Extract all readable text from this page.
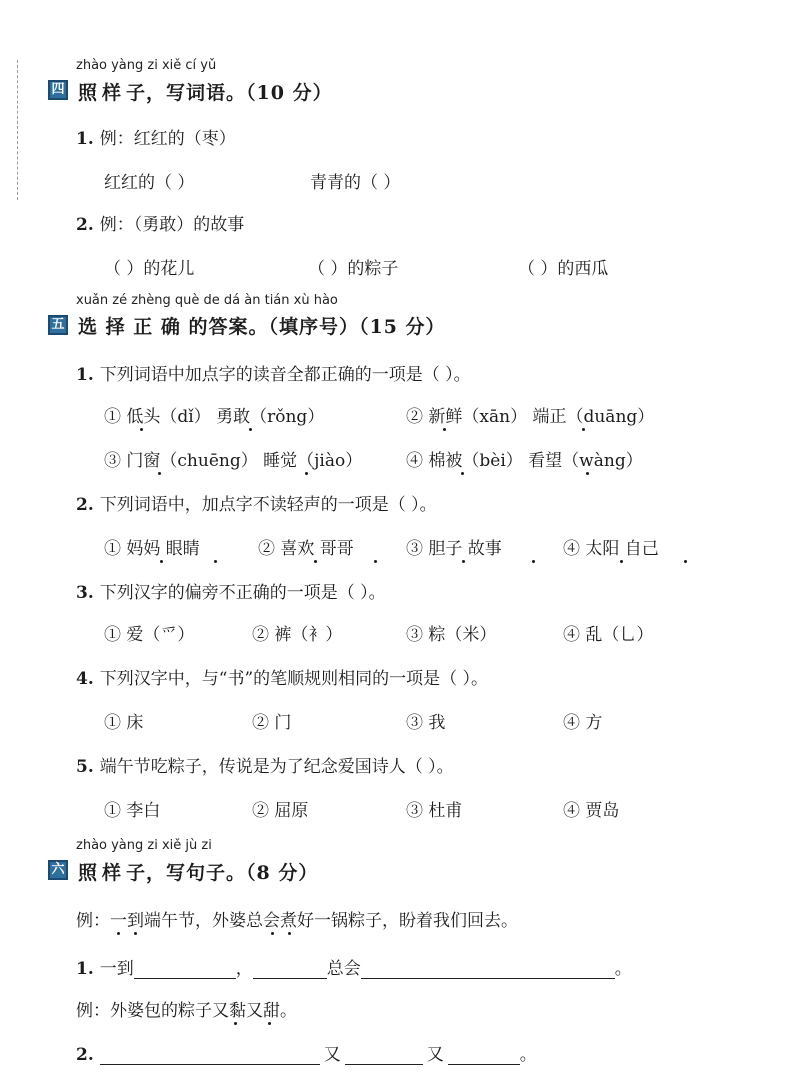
zhào yàng zi xiě cí yǔ
四 照 样 子，写词语。（10 分）
1. 例：红红的（枣）
红红的（ ）	青青的（ ）
2. 例：（勇敢）的故事
（ ）的花儿	（ ）的粽子	（ ）的西瓜
xuǎn zé zhèng què de dá àn tián xù hào
五 选 择 正 确 的答案。（填序号）（15 分）
1. 下列词语中加点字的读音全都正确的一项是（ ）。
① 低头（dǐ） 勇敢（rǒng）	② 新鲜（xān） 端正（duāng）
③ 门窗（chuēng） 睡觉（jiào）	④ 棉被（bèi） 看望（wàng）
2. 下列词语中，加点字不读轻声的一项是（ ）。
① 妈妈 眼睛	② 喜欢 哥哥	③ 胆子 故事	④ 太阳 自己
3. 下列汉字的偏旁不正确的一项是（ ）。
① 爱（爫）	② 裤（衤）	③ 粽（米）	④ 乱（乚）
4. 下列汉字中，与“书”的笔顺规则相同的一项是（ ）。
① 床	② 门	③ 我	④ 方
5. 端午节吃粽子，传说是为了纪念爱国诗人（ ）。
① 李白	② 屈原	③ 杜甫	④ 贾岛
zhào yàng zi xiě jù zi
六 照 样 子，写句子。（8 分）
例：一到端午节，外婆总会煮好一锅粽子，盼着我们回去。
1. 一到	，	总会	。
例：外婆包的粽子又黏又甜。
2.	又	又	。
